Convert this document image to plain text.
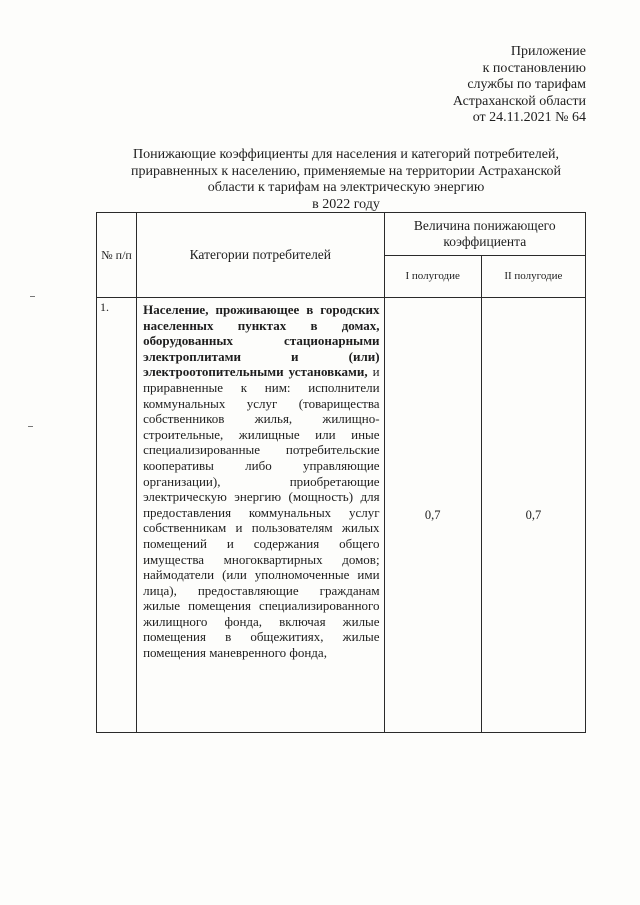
Приложение
к постановлению
службы по тарифам
Астраханской области
от 24.11.2021 № 64
Понижающие коэффициенты для населения и категорий потребителей,
приравненных к населению, применяемые на территории Астраханской
области к тарифам на электрическую энергию
в 2022 году
№ п/п	Категории потребителей	Величина понижающего коэффициента	
		I полугодие	II полугодие
1.	Население, проживающее в городских населенных пунктах в домах, оборудованных стационарными электроплитами и (или) электроотопительными установками, и приравненные к ним: исполнители коммунальных услуг (товарищества собственников жилья, жилищно-строительные, жилищные или иные специализированные потребительские кооперативы либо управляющие организации), приобретающие электрическую энергию (мощность) для предоставления коммунальных услуг собственникам и пользователям жилых помещений и содержания общего имущества многоквартирных домов; наймодатели (или уполномоченные ими лица), предоставляющие гражданам жилые помещения специализированного жилищного фонда, включая жилые помещения в общежитиях, жилые помещения маневренного фонда,	0,7	0,7
